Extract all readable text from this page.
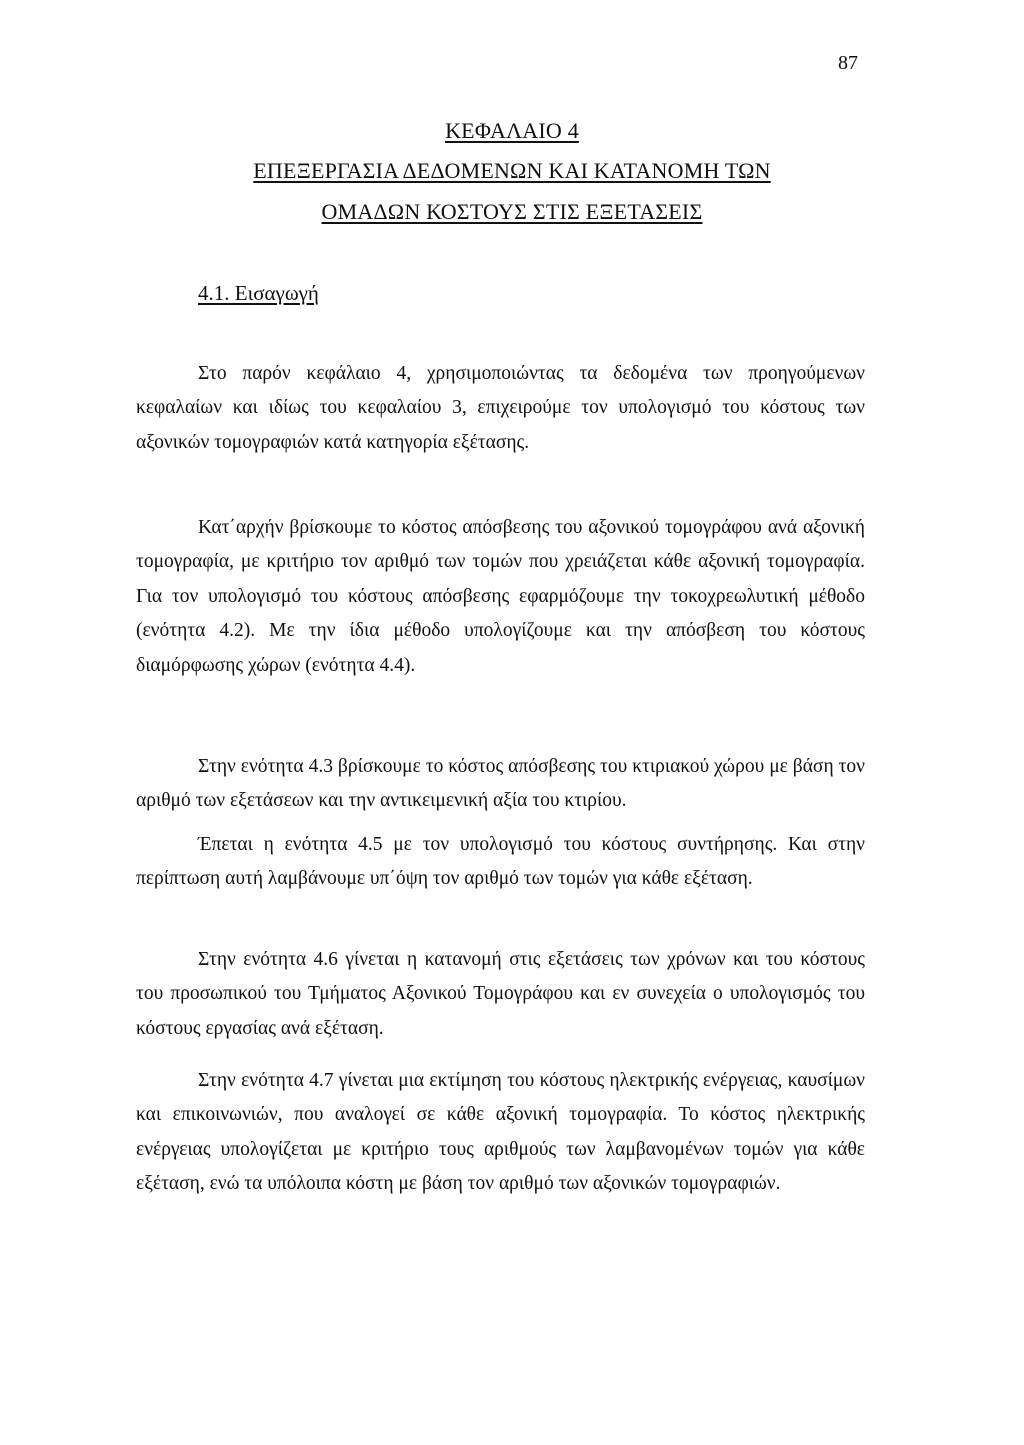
87
ΚΕΦΑΛΑΙΟ 4
ΕΠΕΞΕΡΓΑΣΙΑ ΔΕΔΟΜΕΝΩΝ ΚΑΙ ΚΑΤΑΝΟΜΗ ΤΩΝ
ΟΜΑΔΩΝ ΚΟΣΤΟΥΣ ΣΤΙΣ ΕΞΕΤΑΣΕΙΣ
4.1. Εισαγωγή

Στο παρόν κεφάλαιο 4, χρησιμοποιώντας τα δεδομένα των προηγούμενων κεφαλαίων και ιδίως του κεφαλαίου 3, επιχειρούμε τον υπολογισμό του κόστους των αξονικών τομογραφιών κατά κατηγορία εξέτασης.

Κατ΄αρχήν βρίσκουμε το κόστος απόσβεσης του αξονικού τομογράφου ανά αξονική τομογραφία, με κριτήριο τον αριθμό των τομών που χρειάζεται κάθε αξονική τομογραφία. Για τον υπολογισμό του κόστους απόσβεσης εφαρμόζουμε την τοκοχρεωλυτική μέθοδο (ενότητα 4.2). Με την ίδια μέθοδο υπολογίζουμε και την απόσβεση του κόστους διαμόρφωσης χώρων (ενότητα 4.4).

Στην ενότητα 4.3 βρίσκουμε το κόστος απόσβεσης του κτιριακού χώρου με βάση τον αριθμό των εξετάσεων και την αντικειμενική αξία του κτιρίου.

Έπεται η ενότητα 4.5 με τον υπολογισμό του κόστους συντήρησης. Και στην περίπτωση αυτή λαμβάνουμε υπ΄όψη τον αριθμό των τομών για κάθε εξέταση.

Στην ενότητα 4.6 γίνεται η κατανομή στις εξετάσεις των χρόνων και του κόστους του προσωπικού του Τμήματος Αξονικού Τομογράφου και εν συνεχεία ο υπολογισμός του κόστους εργασίας ανά εξέταση.

Στην ενότητα 4.7 γίνεται μια εκτίμηση του κόστους ηλεκτρικής ενέργειας, καυσίμων και επικοινωνιών, που αναλογεί σε κάθε αξονική τομογραφία. Το κόστος ηλεκτρικής ενέργειας υπολογίζεται με κριτήριο τους αριθμούς των λαμβανομένων τομών για κάθε εξέταση, ενώ τα υπόλοιπα κόστη με βάση τον αριθμό των αξονικών τομογραφιών.
